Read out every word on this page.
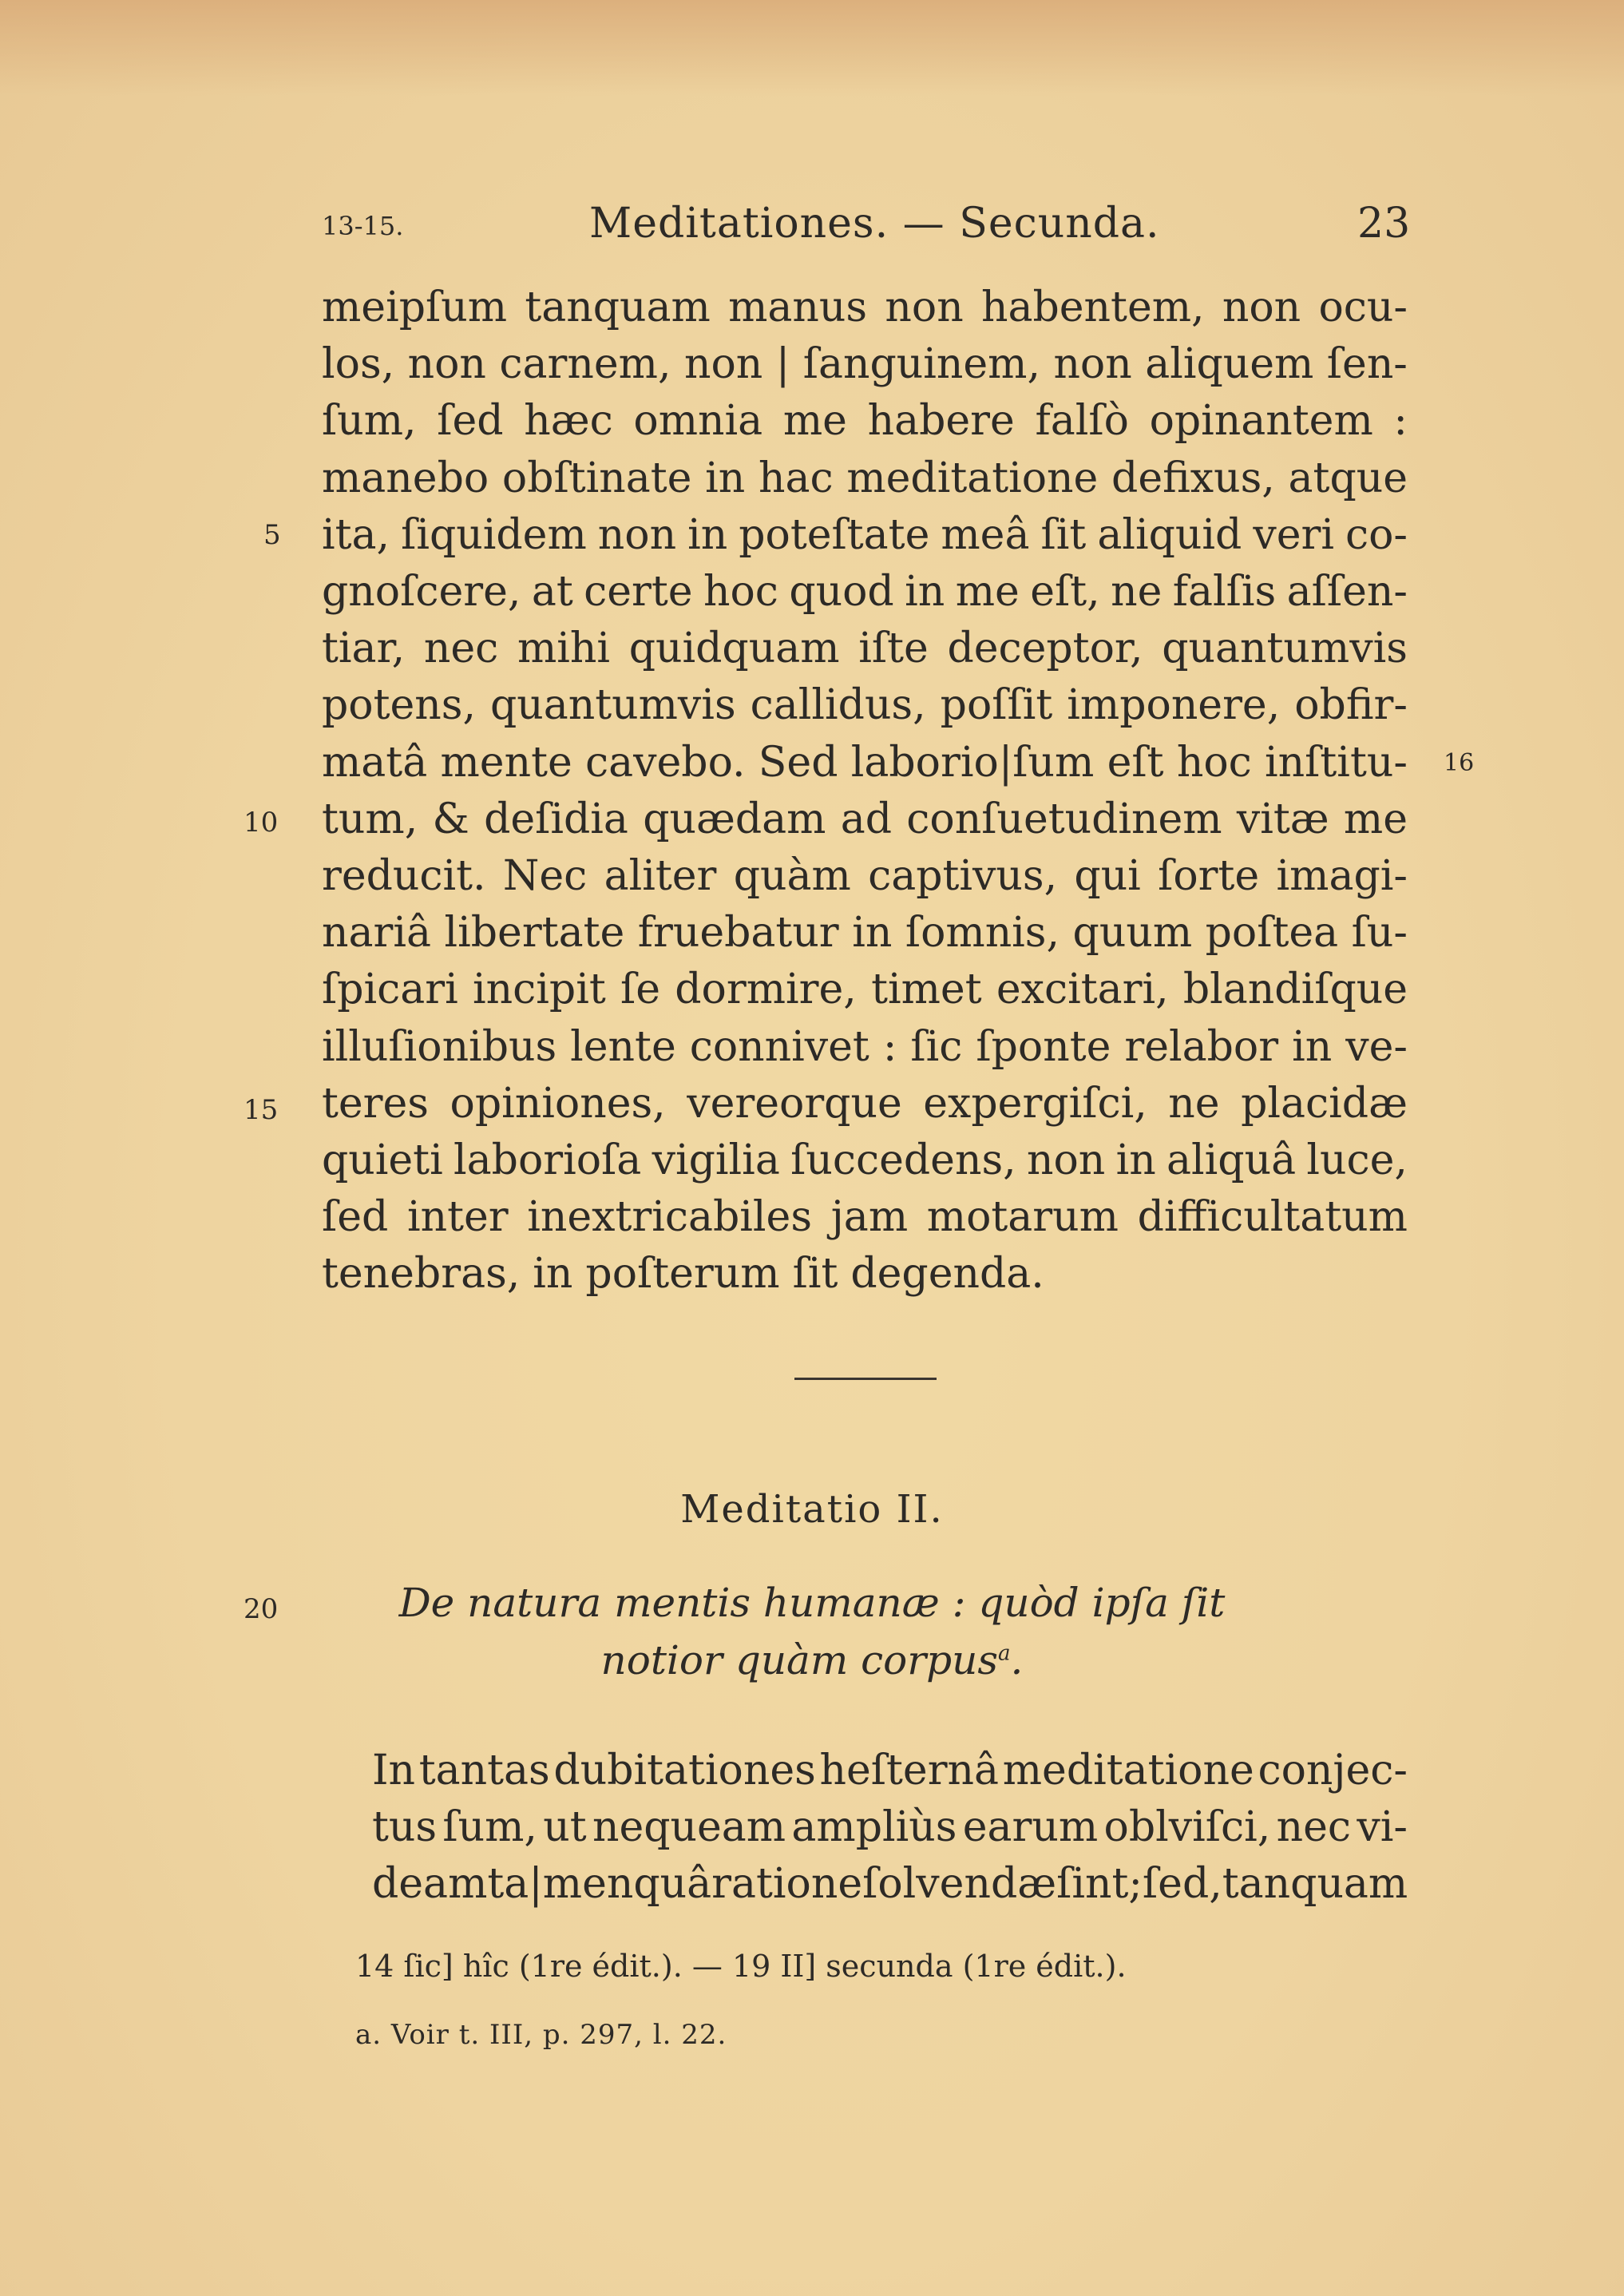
13-15.	Meditationes. — Secunda.	23
meipſum tanquam manus non habentem, non ocu-
los, non carnem, non | ſanguinem, non aliquem ſen-
ſum, ſed hæc omnia me habere falſò opinantem :
manebo obſtinate in hac meditatione defixus, atque
ita, ſiquidem non in poteſtate meâ ſit aliquid veri co-
gnoſcere, at certe hoc quod in me eſt, ne falſis aſſen-
tiar, nec mihi quidquam iſte deceptor, quantumvis
potens, quantumvis callidus, poſſit imponere, obfir-
matâ mente cavebo. Sed laborio|ſum eſt hoc inſtitu-
tum, & deſidia quædam ad conſuetudinem vitæ me
reducit. Nec aliter quàm captivus, qui ſorte imagi-
nariâ libertate fruebatur in ſomnis, quum poſtea ſu-
ſpicari incipit ſe dormire, timet excitari, blandiſque
illuſionibus lente connivet : ſic ſponte relabor in ve-
teres opiniones, vereorque expergiſci, ne placidæ
quieti laborioſa vigilia ſuccedens, non in aliquâ luce,
ſed inter inextricabiles jam motarum difficultatum
tenebras, in poſterum ſit degenda.
5
10
15
16
Meditatio II.
20	De natura mentis humanæ : quòd ipſa ſit
notior quàm corpus$^a$.
In tantas dubitationes heſternâ meditatione conjec-
tus ſum, ut nequeam ampliùs earum oblviſci, nec vi-
deam ta|men quâ ratione ſolvendæ ſint ; ſed, tanquam
14 ſic] hîc (1re édit.). — 19 II] secunda (1re édit.).
a. Voir t. III, p. 297, l. 22.
